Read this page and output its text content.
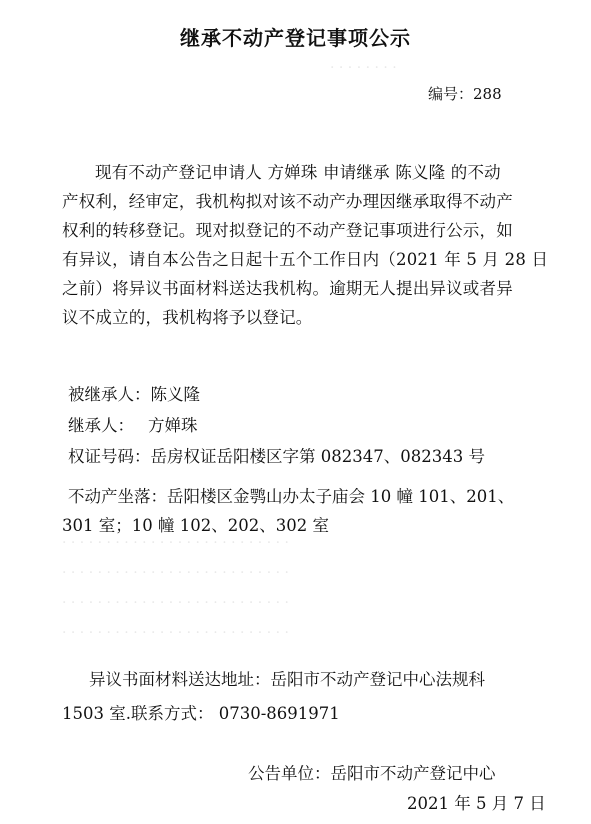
· · · · · · · ·
· · · · · · · · · · · · · · · · · · · · · · · · · ·
· · · · · · · · · · · · · · · · · · · · · · · · · ·
· · · · · · · · · · · · · · · · · · · · · · · · · ·
· · · · · · · · · · · · · · · · · · · · · · · · · ·
继承不动产登记事项公示
编号：288

现有不动产登记申请人 方婵珠 申请继承 陈义隆 的不动

产权利，经审定，我机构拟对该不动产办理因继承取得不动产

权利的转移登记。现对拟登记的不动产登记事项进行公示，如

有异议，请自本公告之日起十五个工作日内（2021 年 5 月 28 日

之前）将异议书面材料送达我机构。逾期无人提出异议或者异

议不成立的，我机构将予以登记。

被继承人：陈义隆
继承人： 方婵珠
权证号码：岳房权证岳阳楼区字第 082347、082343 号
不动产坐落：岳阳楼区金鹗山办太子庙会 10 幢 101、201、
301 室；10 幢 102、202、302 室
异议书面材料送达地址：岳阳市不动产登记中心法规科
1503 室.联系方式： 0730-8691971
公告单位：岳阳市不动产登记中心
2021 年 5 月 7 日
